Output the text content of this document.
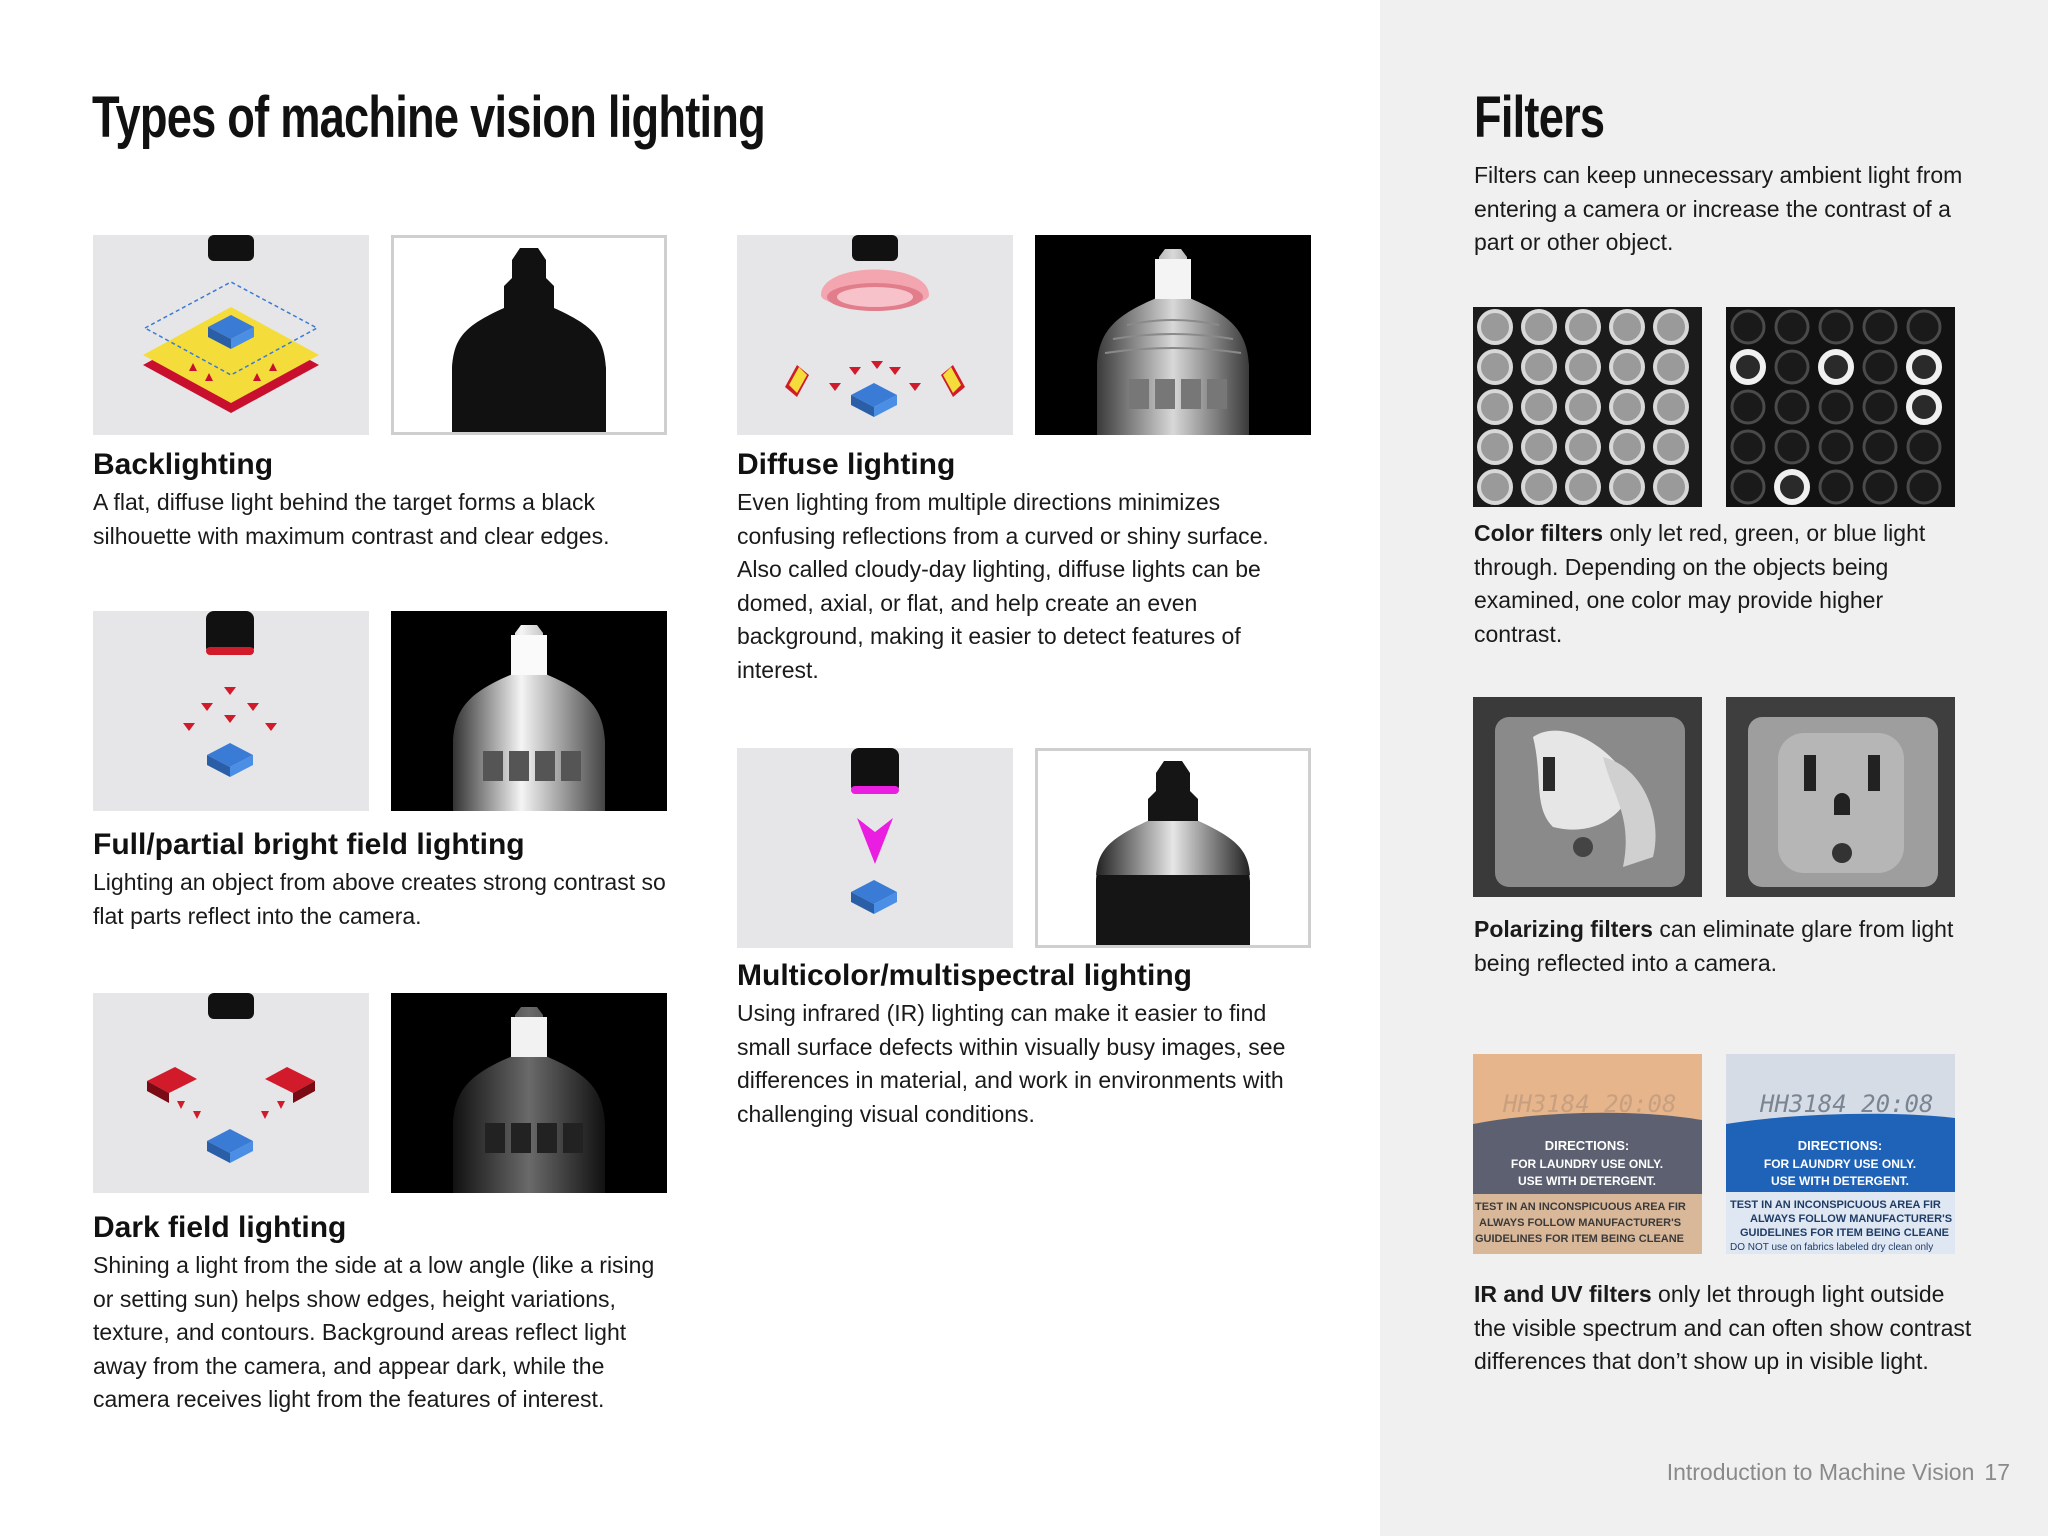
Types of machine vision lighting
Backlighting
A flat, diffuse light behind the target forms a black silhouette with maximum contrast and clear edges.
Full/partial bright field lighting
Lighting an object from above creates strong contrast so flat parts reflect into the camera.
Dark field lighting
Shining a light from the side at a low angle (like a rising or setting sun) helps show edges, height variations, texture, and contours. Background areas reflect light away from the camera, and appear dark, while the camera receives light from the features of interest.
Diffuse lighting
Even lighting from multiple directions minimizes confusing reflections from a curved or shiny surface. Also called cloudy-day lighting, diffuse lights can be domed, axial, or flat, and help create an even background, making it easier to detect features of interest.
Multicolor/multispectral lighting
Using infrared (IR) lighting can make it easier to find small surface defects within visually busy images, see differences in material, and work in environments with challenging visual conditions.
Filters
Filters can keep unnecessary ambient light from entering a camera or increase the contrast of a part or other object.
Color filters only let red, green, or blue light through. Depending on the objects being examined, one color may provide higher contrast.
Polarizing filters can eliminate glare from light being reflected into a camera.
HH3184 20:08
DIRECTIONS:
FOR LAUNDRY USE ONLY.
USE WITH DETERGENT.
TEST IN AN INCONSPICUOUS AREA FIR
ALWAYS FOLLOW MANUFACTURER'S
GUIDELINES FOR ITEM BEING CLEANE
HH3184 20:08
DIRECTIONS:
FOR LAUNDRY USE ONLY.
USE WITH DETERGENT.
TEST IN AN INCONSPICUOUS AREA FIR
ALWAYS FOLLOW MANUFACTURER'S
GUIDELINES FOR ITEM BEING CLEANE
DO NOT use on fabrics labeled dry clean only
IR and UV filters only let through light outside the visible spectrum and can often show contrast differences that don’t show up in visible light.
Introduction to Machine Vision 17
